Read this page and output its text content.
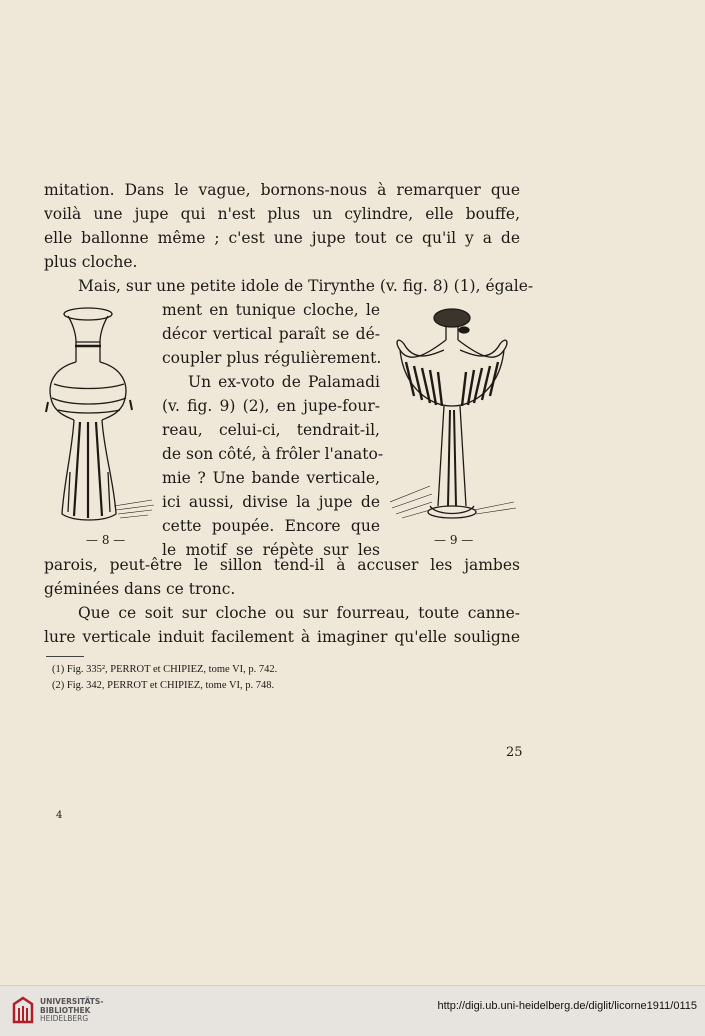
mitation. Dans le vague, bornons-nous à remarquer que
voilà une jupe qui n'est plus un cylindre, elle bouffe,
elle ballonne même ; c'est une jupe tout ce qu'il y a de
plus cloche.
Mais, sur une petite idole de Tirynthe (v. fig. 8) (1), égale-
ment en tunique cloche, le
décor vertical paraît se dé-
coupler plus régulièrement.
Un ex-voto de Palamadi
(v. fig. 9) (2), en jupe-four-
reau, celui-ci, tendrait-il,
de son côté, à frôler l'anato-
mie ? Une bande verticale,
ici aussi, divise la jupe de
cette poupée. Encore que
le motif se répète sur les
— 8 —	— 9 —
parois, peut-être le sillon tend-il à accuser les jambes
géminées dans ce tronc.
Que ce soit sur cloche ou sur fourreau, toute canne-
lure verticale induit facilement à imaginer qu'elle souligne
(1) Fig. 335², PERROT et CHIPIEZ, tome VI, p. 742.
(2) Fig. 342, PERROT et CHIPIEZ, tome VI, p. 748.
25
4
UNIVERSITÄTS-
BIBLIOTHEK
HEIDELBERG
http://digi.ub.uni-heidelberg.de/diglit/licorne1911/0115
